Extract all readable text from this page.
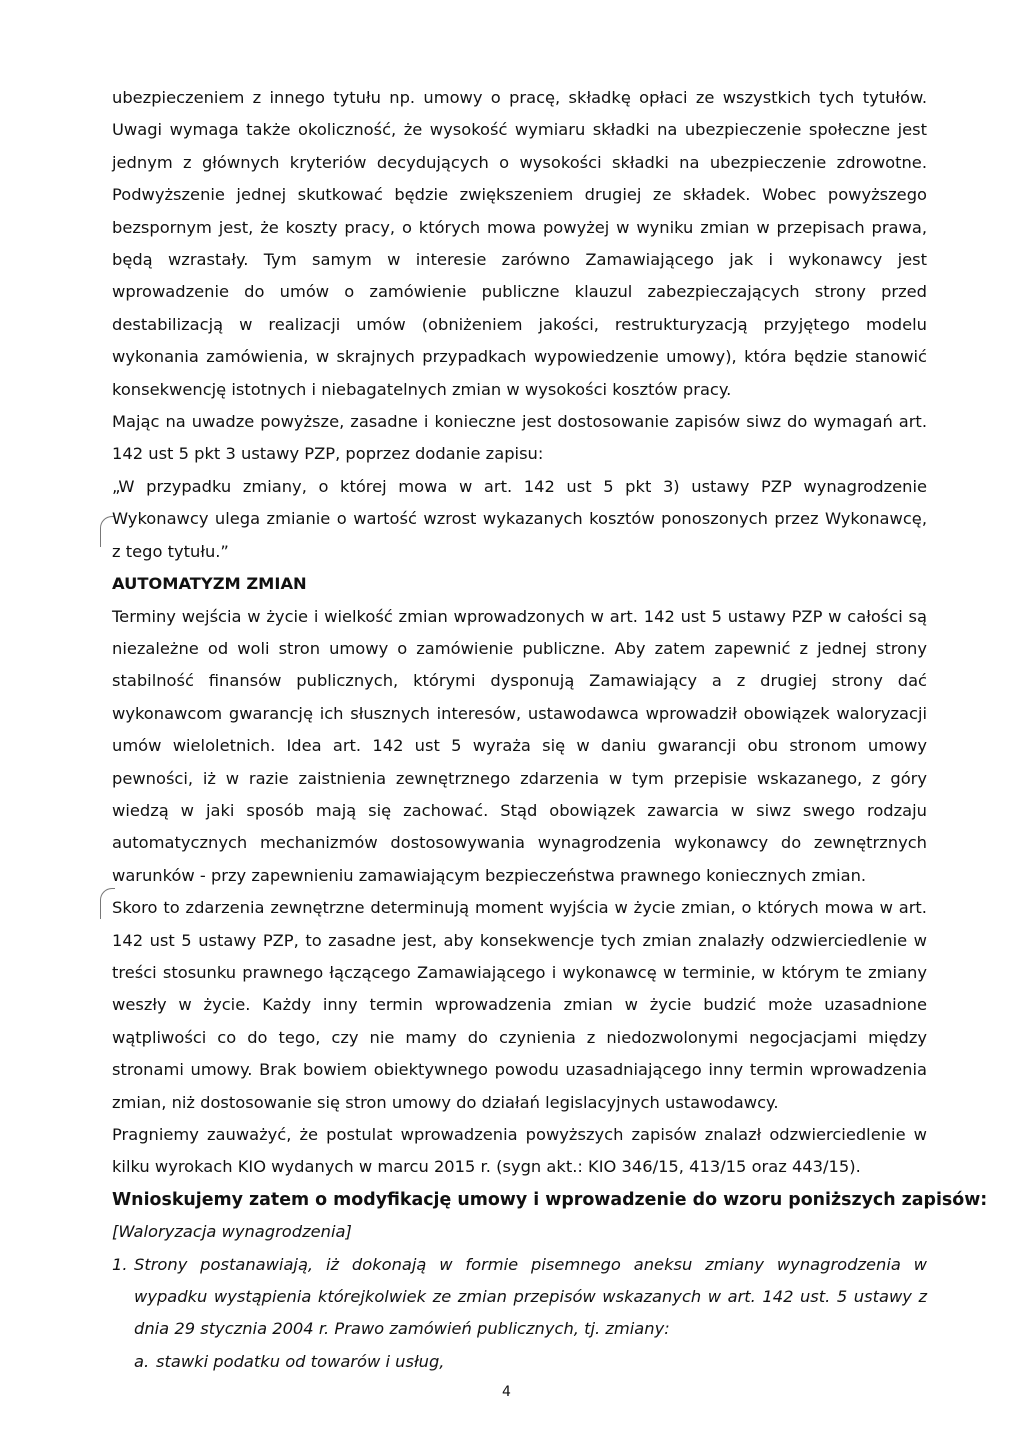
ubezpieczeniem z innego tytułu np. umowy o pracę, składkę opłaci ze wszystkich tych tytułów. Uwagi wymaga także okoliczność, że wysokość wymiaru składki na ubezpieczenie społeczne jest jednym z głównych kryteriów decydujących o wysokości składki na ubezpieczenie zdrowotne. Podwyższenie jednej skutkować będzie zwiększeniem drugiej ze składek. Wobec powyższego bezspornym jest, że koszty pracy, o których mowa powyżej w wyniku zmian w przepisach prawa, będą wzrastały. Tym samym w interesie zarówno Zamawiającego jak i wykonawcy jest wprowadzenie do umów o zamówienie publiczne klauzul zabezpieczających strony przed destabilizacją w realizacji umów (obniżeniem jakości, restrukturyzacją przyjętego modelu wykonania zamówienia, w skrajnych przypadkach wypowiedzenie umowy), która będzie stanowić konsekwencję istotnych i niebagatelnych zmian w wysokości kosztów pracy.

Mając na uwadze powyższe, zasadne i konieczne jest dostosowanie zapisów siwz do wymagań art. 142 ust 5 pkt 3 ustawy PZP, poprzez dodanie zapisu:

„W przypadku zmiany, o której mowa w art. 142 ust 5 pkt 3) ustawy PZP wynagrodzenie Wykonawcy ulega zmianie o wartość wzrost wykazanych kosztów ponoszonych przez Wykonawcę, z tego tytułu.”

AUTOMATYZM ZMIAN

Terminy wejścia w życie i wielkość zmian wprowadzonych w art. 142 ust 5 ustawy PZP w całości są niezależne od woli stron umowy o zamówienie publiczne. Aby zatem zapewnić z jednej strony stabilność finansów publicznych, którymi dysponują Zamawiający a z drugiej strony dać wykonawcom gwarancję ich słusznych interesów, ustawodawca wprowadził obowiązek waloryzacji umów wieloletnich. Idea art. 142 ust 5 wyraża się w daniu gwarancji obu stronom umowy pewności, iż w razie zaistnienia zewnętrznego zdarzenia w tym przepisie wskazanego, z góry wiedzą w jaki sposób mają się zachować. Stąd obowiązek zawarcia w siwz swego rodzaju automatycznych mechanizmów dostosowywania wynagrodzenia wykonawcy do zewnętrznych warunków - przy zapewnieniu zamawiającym bezpieczeństwa prawnego koniecznych zmian.

Skoro to zdarzenia zewnętrzne determinują moment wyjścia w życie zmian, o których mowa w art. 142 ust 5 ustawy PZP, to zasadne jest, aby konsekwencje tych zmian znalazły odzwierciedlenie w treści stosunku prawnego łączącego Zamawiającego i wykonawcę w terminie, w którym te zmiany weszły w życie. Każdy inny termin wprowadzenia zmian w życie budzić może uzasadnione wątpliwości co do tego, czy nie mamy do czynienia z niedozwolonymi negocjacjami między stronami umowy. Brak bowiem obiektywnego powodu uzasadniającego inny termin wprowadzenia zmian, niż dostosowanie się stron umowy do działań legislacyjnych ustawodawcy.

Pragniemy zauważyć, że postulat wprowadzenia powyższych zapisów znalazł odzwierciedlenie w kilku wyrokach KIO wydanych w marcu 2015 r. (sygn akt.: KIO 346/15, 413/15 oraz 443/15).

Wnioskujemy zatem o modyfikację umowy i wprowadzenie do wzoru poniższych zapisów:

[Waloryzacja wynagrodzenia]

1. Strony postanawiają, iż dokonają w formie pisemnego aneksu zmiany wynagrodzenia w wypadku wystąpienia którejkolwiek ze zmian przepisów wskazanych w art. 142 ust. 5 ustawy z dnia 29 stycznia 2004 r. Prawo zamówień publicznych, tj. zmiany:
a. stawki podatku od towarów i usług,
4
